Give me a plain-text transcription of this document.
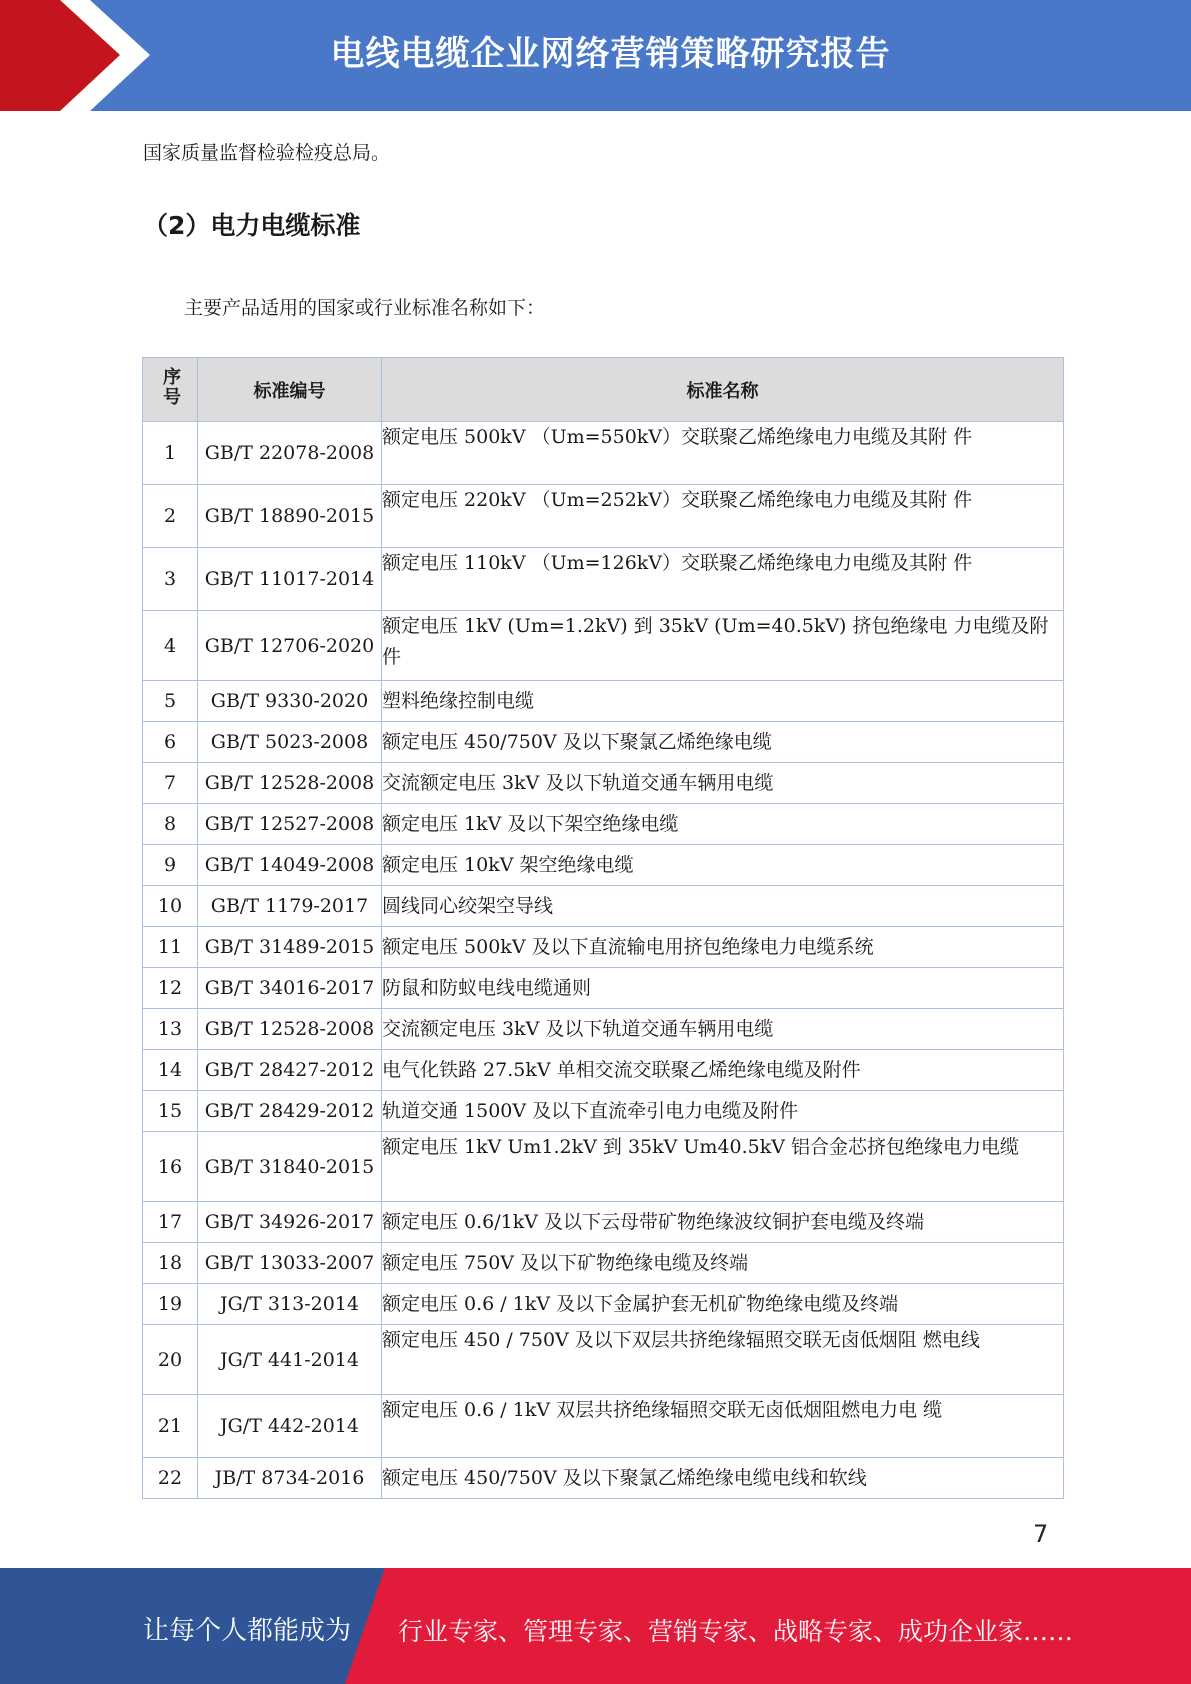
电线电缆企业网络营销策略研究报告
国家质量监督检验检疫总局。
（2）电力电缆标准
主要产品适用的国家或行业标准名称如下：
序号	标准编号	标准名称
1	GB/T 22078-2008	额定电压 500kV （Um=550kV）交联聚乙烯绝缘电力电缆及其附 件
2	GB/T 18890-2015	额定电压 220kV （Um=252kV）交联聚乙烯绝缘电力电缆及其附 件
3	GB/T 11017-2014	额定电压 110kV （Um=126kV）交联聚乙烯绝缘电力电缆及其附 件
4	GB/T 12706-2020	额定电压 1kV (Um=1.2kV) 到 35kV (Um=40.5kV) 挤包绝缘电 力电缆及附件
5	GB/T 9330-2020	塑料绝缘控制电缆
6	GB/T 5023-2008	额定电压 450/750V 及以下聚氯乙烯绝缘电缆
7	GB/T 12528-2008	交流额定电压 3kV 及以下轨道交通车辆用电缆
8	GB/T 12527-2008	额定电压 1kV 及以下架空绝缘电缆
9	GB/T 14049-2008	额定电压 10kV 架空绝缘电缆
10	GB/T 1179-2017	圆线同心绞架空导线
11	GB/T 31489-2015	额定电压 500kV 及以下直流输电用挤包绝缘电力电缆系统
12	GB/T 34016-2017	防鼠和防蚁电线电缆通则
13	GB/T 12528-2008	交流额定电压 3kV 及以下轨道交通车辆用电缆
14	GB/T 28427-2012	电气化铁路 27.5kV 单相交流交联聚乙烯绝缘电缆及附件
15	GB/T 28429-2012	轨道交通 1500V 及以下直流牵引电力电缆及附件
16	GB/T 31840-2015	额定电压 1kV Um1.2kV 到 35kV Um40.5kV 铝合金芯挤包绝缘电力电缆
17	GB/T 34926-2017	额定电压 0.6/1kV 及以下云母带矿物绝缘波纹铜护套电缆及终端
18	GB/T 13033-2007	额定电压 750V 及以下矿物绝缘电缆及终端
19	JG/T 313-2014	额定电压 0.6 / 1kV 及以下金属护套无机矿物绝缘电缆及终端
20	JG/T 441-2014	额定电压 450 / 750V 及以下双层共挤绝缘辐照交联无卤低烟阻 燃电线
21	JG/T 442-2014	额定电压 0.6 / 1kV 双层共挤绝缘辐照交联无卤低烟阻燃电力电 缆
22	JB/T 8734-2016	额定电压 450/750V 及以下聚氯乙烯绝缘电缆电线和软线
7
让每个人都能成为 行业专家、管理专家、营销专家、战略专家、成功企业家……
